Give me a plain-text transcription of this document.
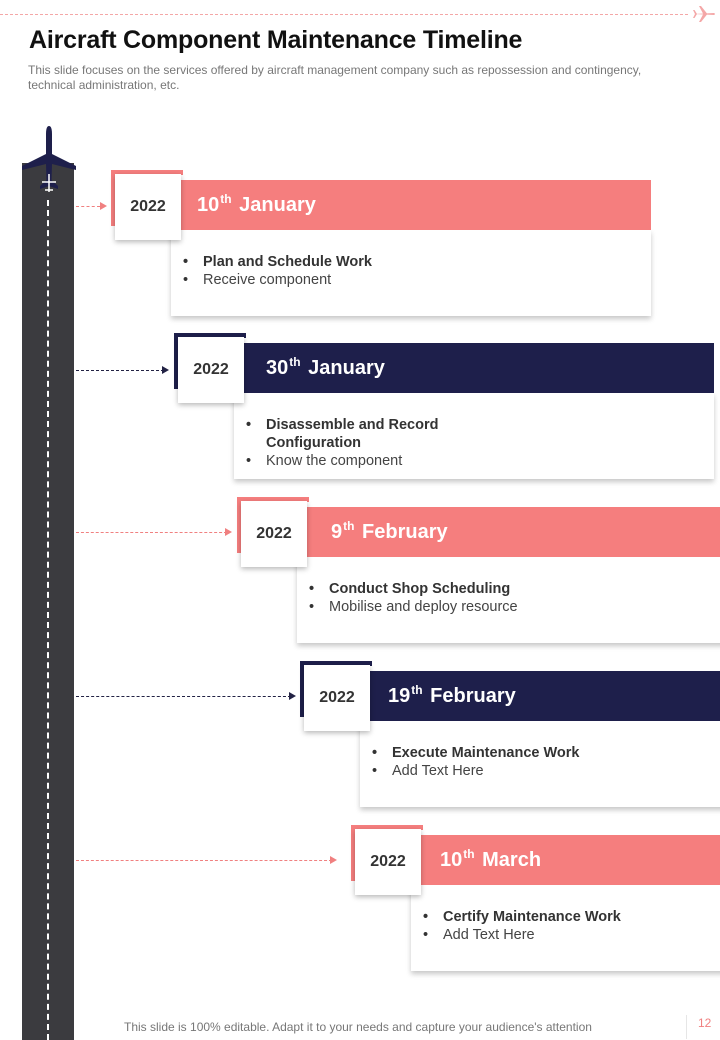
Aircraft Component Maintenance Timeline

This slide focuses on the services offered by aircraft management company such as repossession and contingency, technical administration, etc.

10th January
2022
• Plan and Schedule Work
• Receive component
30th January
2022
• Disassemble and Record Configuration
• Know the component
9th February
2022
• Conduct Shop Scheduling
• Mobilise and deploy resource
19th February
2022
• Execute Maintenance Work
• Add Text Here
10th March
2022
• Certify Maintenance Work
• Add Text Here
This slide is 100% editable. Adapt it to your needs and capture your audience's attention	12
